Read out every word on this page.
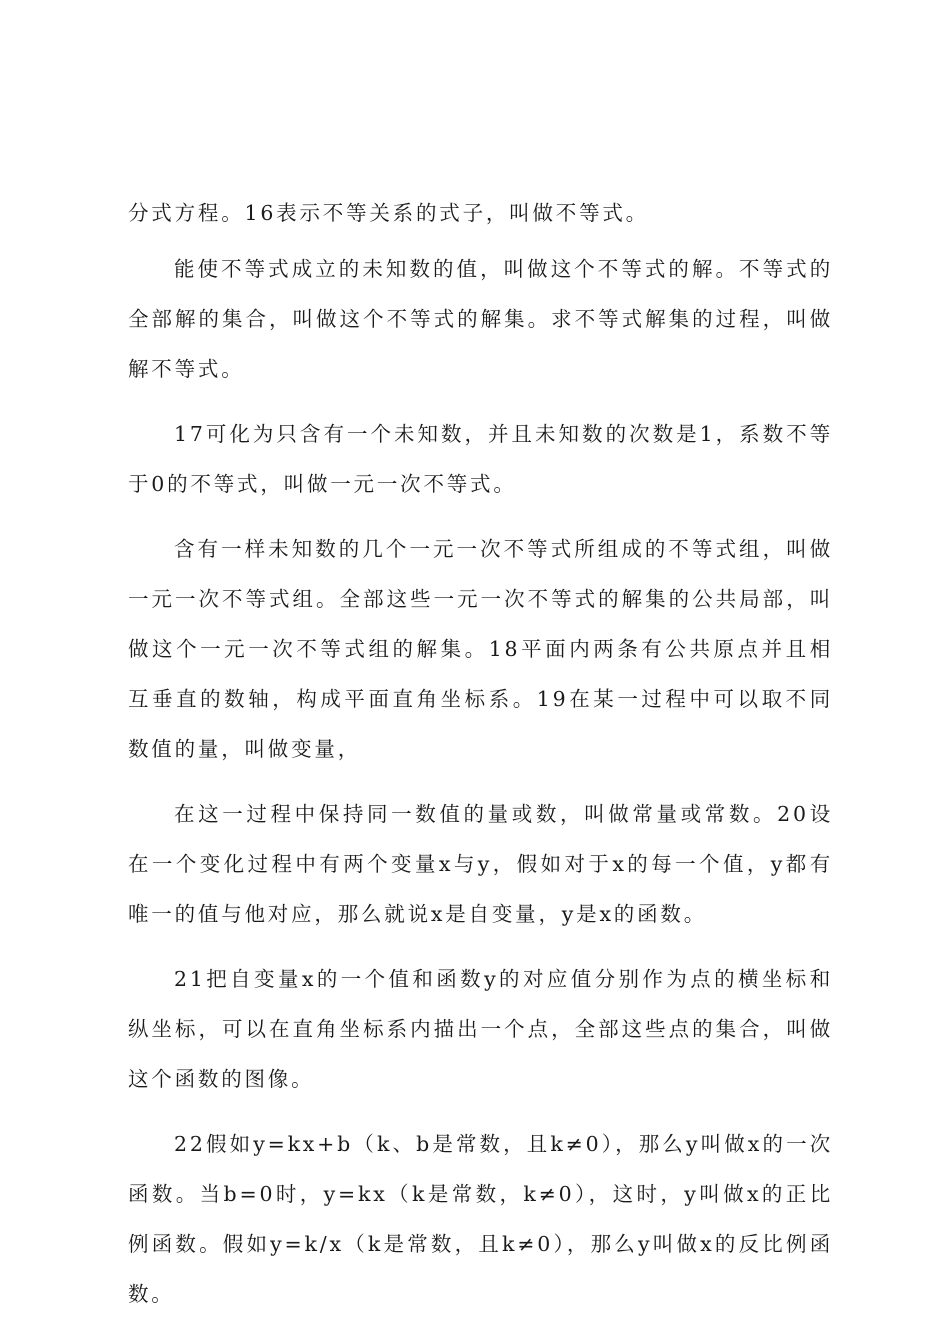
分式方程。16表示不等关系的式子，叫做不等式。

能使不等式成立的未知数的值，叫做这个不等式的解。不等式的全部解的集合，叫做这个不等式的解集。求不等式解集的过程，叫做解不等式。

17可化为只含有一个未知数，并且未知数的次数是1，系数不等于0的不等式，叫做一元一次不等式。

含有一样未知数的几个一元一次不等式所组成的不等式组，叫做一元一次不等式组。全部这些一元一次不等式的解集的公共局部，叫做这个一元一次不等式组的解集。18平面内两条有公共原点并且相互垂直的数轴，构成平面直角坐标系。19在某一过程中可以取不同数值的量，叫做变量，

在这一过程中保持同一数值的量或数，叫做常量或常数。20设在一个变化过程中有两个变量x与y，假如对于x的每一个值，y都有唯一的值与他对应，那么就说x是自变量，y是x的函数。

21把自变量x的一个值和函数y的对应值分别作为点的横坐标和纵坐标，可以在直角坐标系内描出一个点，全部这些点的集合，叫做这个函数的图像。

22假如y=kx+b（k、b是常数，且k≠0），那么y叫做x的一次函数。当b=0时，y=kx（k是常数，k≠0），这时，y叫做x的正比例函数。假如y=k/x（k是常数，且k≠0），那么y叫做x的反比例函数。
